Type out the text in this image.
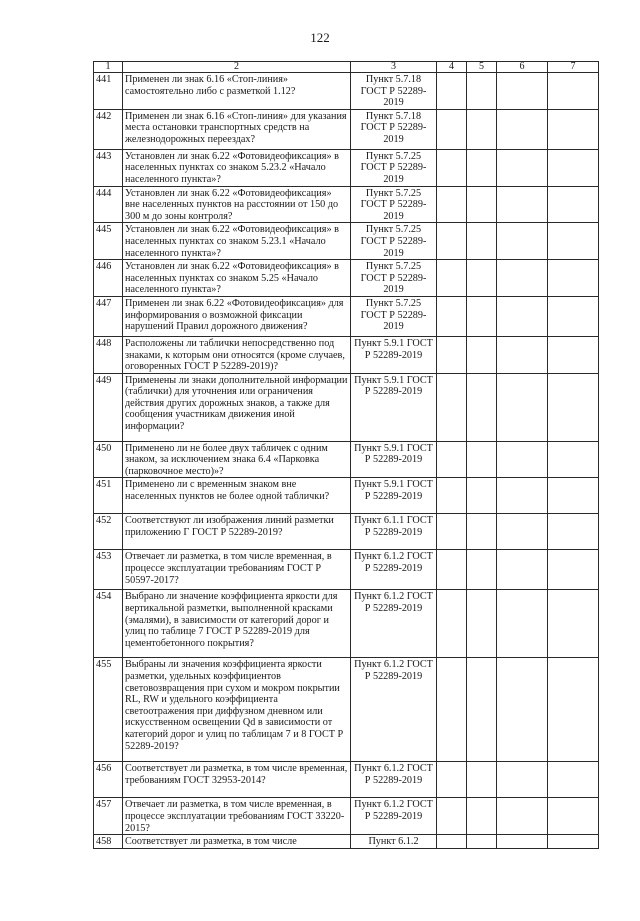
122
1	2	3	4	5	6	7
441	Применен ли знак 6.16 «Стоп-линия» самостоятельно либо с разметкой 1.12?	Пункт 5.7.18 ГОСТ Р 52289-2019				
442	Применен ли знак 6.16 «Стоп-линия» для указания места остановки транспортных средств на железнодорожных переездах?	Пункт 5.7.18 ГОСТ Р 52289-2019				
443	Установлен ли знак 6.22 «Фотовидеофиксация» в населенных пунктах со знаком 5.23.2 «Начало населенного пункта»?	Пункт 5.7.25 ГОСТ Р 52289-2019				
444	Установлен ли знак 6.22 «Фотовидеофиксация» вне населенных пунктов на расстоянии от 150 до 300 м до зоны контроля?	Пункт 5.7.25 ГОСТ Р 52289-2019				
445	Установлен ли знак 6.22 «Фотовидеофиксация» в населенных пунктах со знаком 5.23.1 «Начало населенного пункта»?	Пункт 5.7.25 ГОСТ Р 52289-2019				
446	Установлен ли знак 6.22 «Фотовидеофиксация» в населенных пунктах со знаком 5.25 «Начало населенного пункта»?	Пункт 5.7.25 ГОСТ Р 52289-2019				
447	Применен ли знак 6.22 «Фотовидеофиксация» для информирования о возможной фиксации нарушений Правил дорожного движения?	Пункт 5.7.25 ГОСТ Р 52289-2019				
448	Расположены ли таблички непосредственно под знаками, к которым они относятся (кроме случаев, оговоренных ГОСТ Р 52289-2019)?	Пункт 5.9.1 ГОСТ Р 52289-2019				
449	Применены ли знаки дополнительной информации (таблички) для уточнения или ограничения действия других дорожных знаков, а также для сообщения участникам движения иной информации?	Пункт 5.9.1 ГОСТ Р 52289-2019				
450	Применено ли не более двух табличек с одним знаком, за исключением знака 6.4 «Парковка (парковочное место)»?	Пункт 5.9.1 ГОСТ Р 52289-2019				
451	Применено ли с временным знаком вне населенных пунктов не более одной таблички?	Пункт 5.9.1 ГОСТ Р 52289-2019				
452	Соответствуют ли изображения линий разметки приложению Г ГОСТ Р 52289-2019?	Пункт 6.1.1 ГОСТ Р 52289-2019				
453	Отвечает ли разметка, в том числе временная, в процессе эксплуатации требованиям ГОСТ Р 50597-2017?	Пункт 6.1.2 ГОСТ Р 52289-2019				
454	Выбрано ли значение коэффициента яркости для вертикальной разметки, выполненной красками (эмалями), в зависимости от категорий дорог и улиц по таблице 7 ГОСТ Р 52289-2019 для цементобетонного покрытия?	Пункт 6.1.2 ГОСТ Р 52289-2019				
455	Выбраны ли значения коэффициента яркости разметки, удельных коэффициентов световозвращения при сухом и мокром покрытии RL, RW и удельного коэффициента светоотражения при диффузном дневном или искусственном освещении Qd в зависимости от категорий дорог и улиц по таблицам 7 и 8 ГОСТ Р 52289-2019?	Пункт 6.1.2 ГОСТ Р 52289-2019				
456	Соответствует ли разметка, в том числе временная, требованиям ГОСТ 32953-2014?	Пункт 6.1.2 ГОСТ Р 52289-2019				
457	Отвечает ли разметка, в том числе временная, в процессе эксплуатации требованиям ГОСТ 33220-2015?	Пункт 6.1.2 ГОСТ Р 52289-2019				
458	Соответствует ли разметка, в том числе	Пункт 6.1.2				
